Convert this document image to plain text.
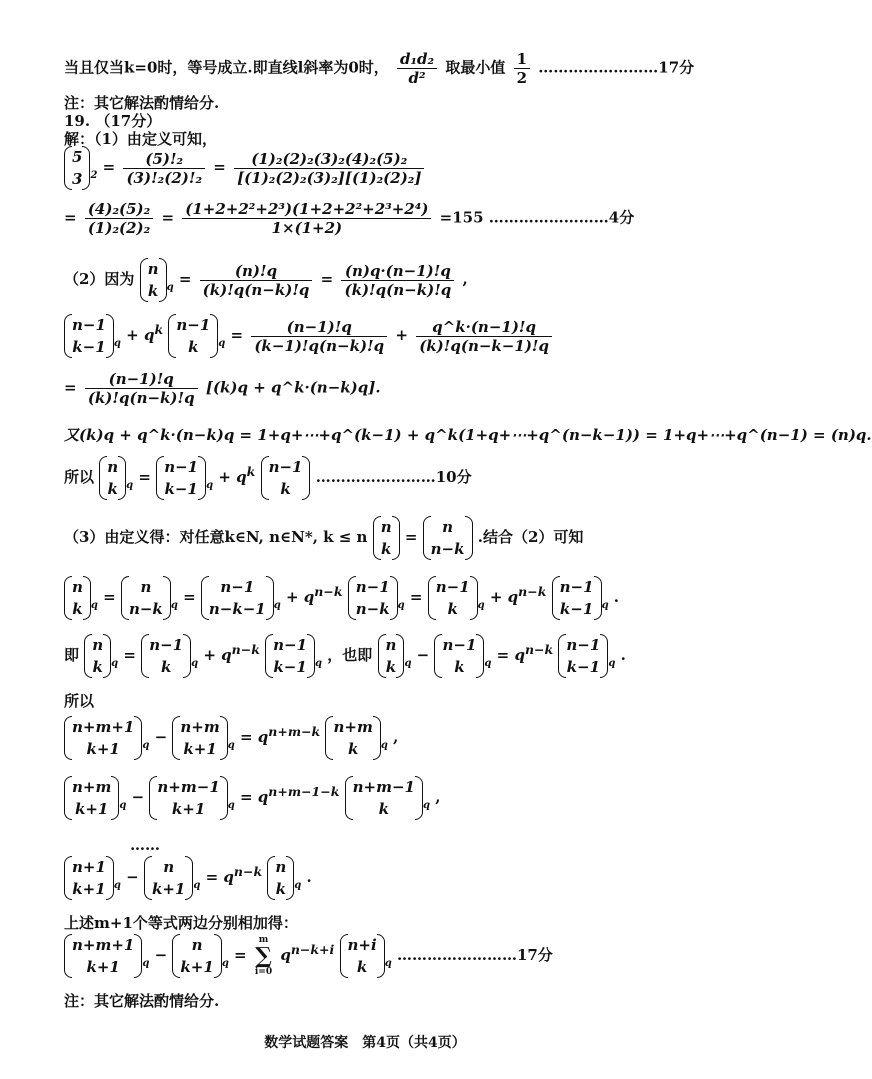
当且仅当k=0时，等号成立.即直线l斜率为0时， $\frac{\text{d₁d₂}}{\text{d²}}$ 取最小值 $\frac{1}{2}$ ……………………17分
注：其它解法酌情给分.
19. （17分）
解：（1）由定义可知，
5
3 $_2 = \frac{\text{(5)!₂}}{\text{(3)!₂(2)!₂}} = \frac{\text{(1)₂(2)₂(3)₂(4)₂(5)₂}}{\text{[(1)₂(2)₂(3)₂][(1)₂(2)₂]}}$
= $\frac{\text{(4)₂(5)₂}}{\text{(1)₂(2)₂}} = \frac{\text{(1+2+2²+2³)(1+2+2²+2³+2⁴)}}{1\times(1+2)} =155$ ……………………4分
（2）因为
n
k $_q = \frac{(n)!q}{(k)!q(n-k)!q} = \frac{(n)q\cdot(n-1)!q}{(k)!q(n-k)!q}$ ,
n−1
k−1 $_q + q^k$ n−1
k	$_q = \frac{(n-1)!q}{(k-1)!q(n-k)!q} + \frac{q\^{}k\cdot(n-1)!q}{(k)!q(n-k-1)!q}$
= $\frac{(n-1)!q}{(k)!q(n-k)!q} [(k)q$ + q^k·(n−k)q].
又(k)q + q^k·(n−k)q = 1+q+⋯+q^(k−1) + q^k(1+q+⋯+q^(n−k−1)) = 1+q+⋯+q^(n−1) = (n)q.
所以
n
k $_q$ =
n−1
k−1 $_q + q^k$ n−1
k
……………………10分
（3）由定义得：对任意k∈N, n∈N*, k ≤ n
n
k
=
n
n−k
.结合（2）可知
n
k $_q$ =
n
n−k $_q$ =
n−1
n−k−1 $_q + q^{n-k}$ n−1
n−k $_q$ =
n−1
k	$_q + q^{n-k}$ n−1
k−1 $_q$ .
即
n
k $_q$ =
n−1
k	$_q + q^{n-k}$ n−1
k−1 $_q$ ，也即
n
k $_q$ −
n−1
k	$_q = q^{n-k}$ n−1
k−1 $_q$ .
所以
n+m+1
k+1	$_q$ −
n+m
k+1 $_q = q^{n+m-k}$ n+m
k	$_q$ ,
n+m
k+1 $_q$ −
n+m−1
k+1	$_q = q^{n+m-1-k}$ n+m−1
k	$_q$ ,
……
n+1
k+1 $_q$ −
n
k+1 $_q = q^{n-k}$ n
k $_q$ .
上述m+1个等式两边分别相加得：
n+m+1
k+1	$_q$ −
n
k+1 $_q$ =
m
∑
i=0
$q^{n-k+i}$ n+i
k	$_q$ ……………………17分
注：其它解法酌情给分.
数学试题答案　第4页（共4页）
